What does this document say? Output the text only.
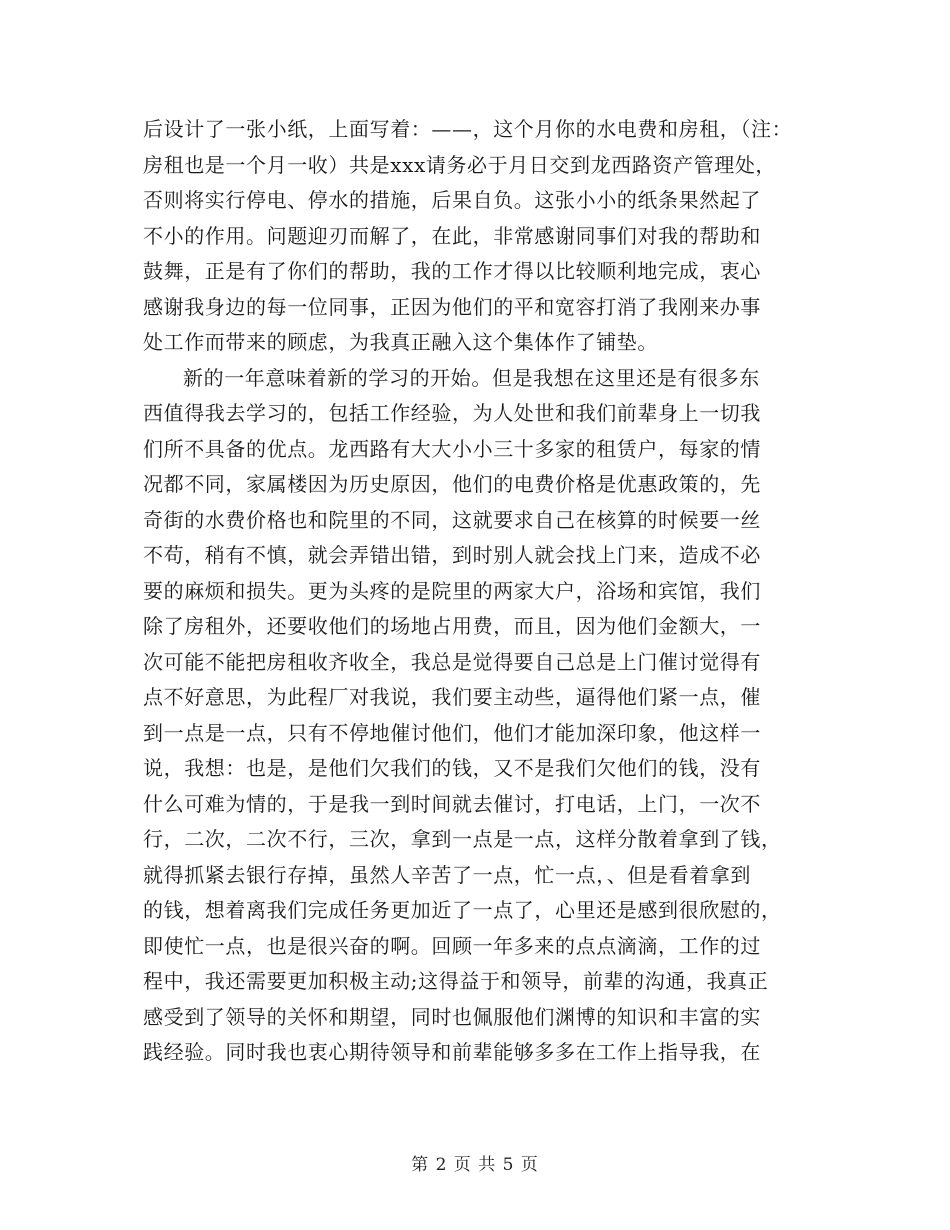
后设计了一张小纸，上面写着：——，这个月你的水电费和房租，（注：
房租也是一个月一收）共是xxx请务必于月日交到龙西路资产管理处，
否则将实行停电、停水的措施，后果自负。这张小小的纸条果然起了
不小的作用。问题迎刃而解了，在此，非常感谢同事们对我的帮助和
鼓舞，正是有了你们的帮助，我的工作才得以比较顺利地完成，衷心
感谢我身边的每一位同事，正因为他们的平和宽容打消了我刚来办事
处工作而带来的顾虑，为我真正融入这个集体作了铺垫。
新的一年意味着新的学习的开始。但是我想在这里还是有很多东
西值得我去学习的，包括工作经验，为人处世和我们前辈身上一切我
们所不具备的优点。龙西路有大大小小三十多家的租赁户，每家的情
况都不同，家属楼因为历史原因，他们的电费价格是优惠政策的，先
奇街的水费价格也和院里的不同，这就要求自己在核算的时候要一丝
不苟，稍有不慎，就会弄错出错，到时别人就会找上门来，造成不必
要的麻烦和损失。更为头疼的是院里的两家大户，浴场和宾馆，我们
除了房租外，还要收他们的场地占用费，而且，因为他们金额大，一
次可能不能把房租收齐收全，我总是觉得要自己总是上门催讨觉得有
点不好意思，为此程厂对我说，我们要主动些，逼得他们紧一点，催
到一点是一点，只有不停地催讨他们，他们才能加深印象，他这样一
说，我想：也是，是他们欠我们的钱，又不是我们欠他们的钱，没有
什么可难为情的，于是我一到时间就去催讨，打电话，上门，一次不
行，二次，二次不行，三次，拿到一点是一点，这样分散着拿到了钱，
就得抓紧去银行存掉，虽然人辛苦了一点，忙一点，、但是看着拿到
的钱，想着离我们完成任务更加近了一点了，心里还是感到很欣慰的，
即使忙一点，也是很兴奋的啊。回顾一年多来的点点滴滴，工作的过
程中，我还需要更加积极主动;这得益于和领导，前辈的沟通，我真正
感受到了领导的关怀和期望，同时也佩服他们渊博的知识和丰富的实
践经验。同时我也衷心期待领导和前辈能够多多在工作上指导我，在
第 2 页 共 5 页
